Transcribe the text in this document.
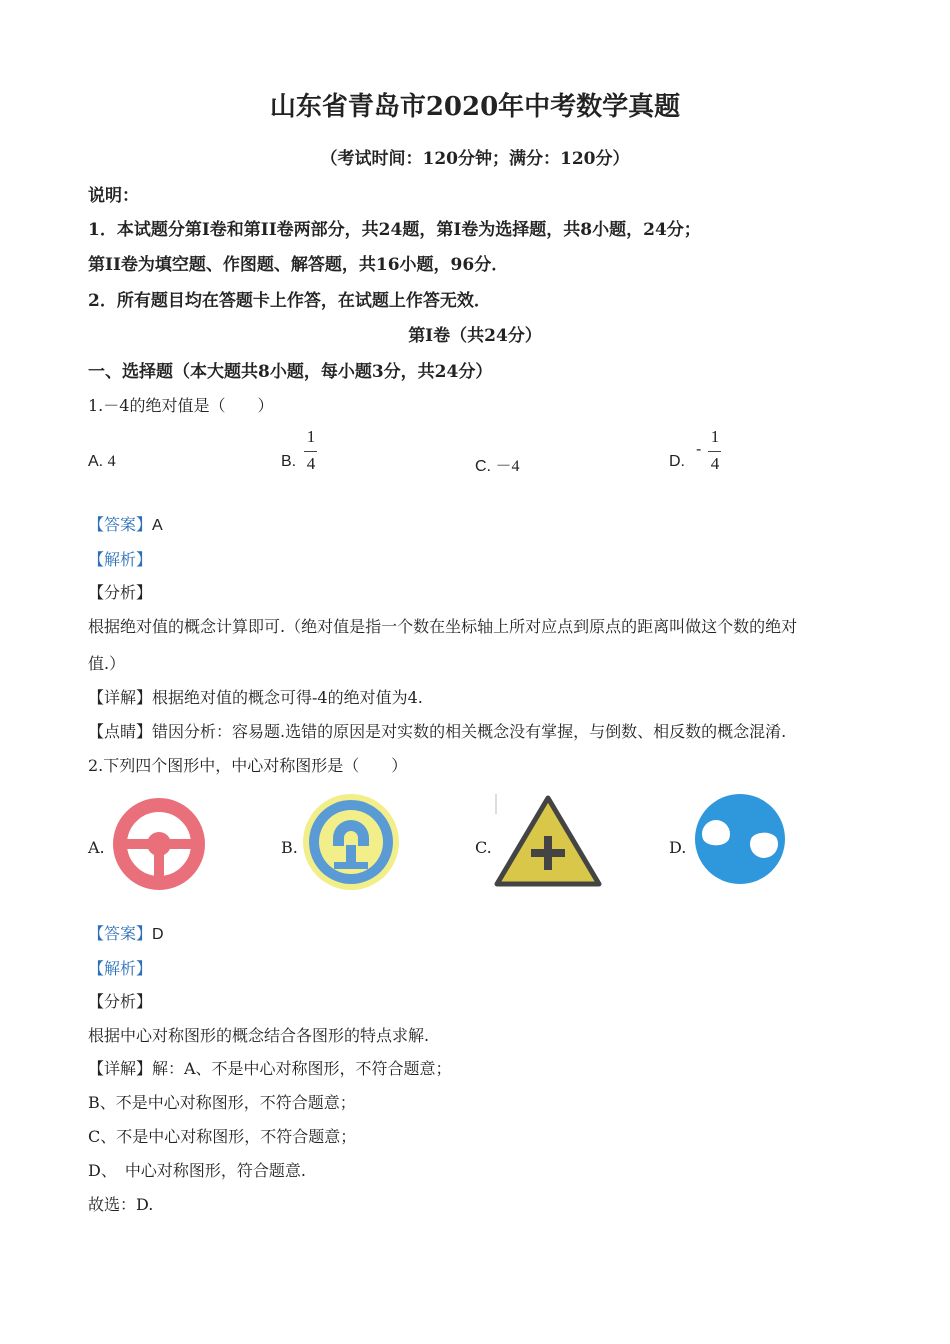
山东省青岛市2020年中考数学真题
（考试时间：120分钟；满分：120分）
说明：
1．本试题分第I卷和第II卷两部分，共24题，第I卷为选择题，共8小题，24分；
第II卷为填空题、作图题、解答题，共16小题，96分．
2．所有题目均在答题卡上作答，在试题上作答无效．
第I卷（共24分）
一、选择题（本大题共8小题，每小题3分，共24分）
1.－4的绝对值是（　　）
A. 4	B.
1
4	C. －4	D.
-
1
4
【答案】A
【解析】
【分析】
根据绝对值的概念计算即可.（绝对值是指一个数在坐标轴上所对应点到原点的距离叫做这个数的绝对
值.）
【详解】根据绝对值的概念可得-4的绝对值为4.
【点睛】错因分析：容易题.选错的原因是对实数的相关概念没有掌握，与倒数、相反数的概念混淆.
2.下列四个图形中，中心对称图形是（　　）
A.	B.	C.	D.
【答案】D
【解析】
【分析】
根据中心对称图形的概念结合各图形的特点求解.
【详解】解：A、不是中心对称图形，不符合题意；
B、不是中心对称图形，不符合题意；
C、不是中心对称图形，不符合题意；
D、　中心对称图形，符合题意.
故选：D.
